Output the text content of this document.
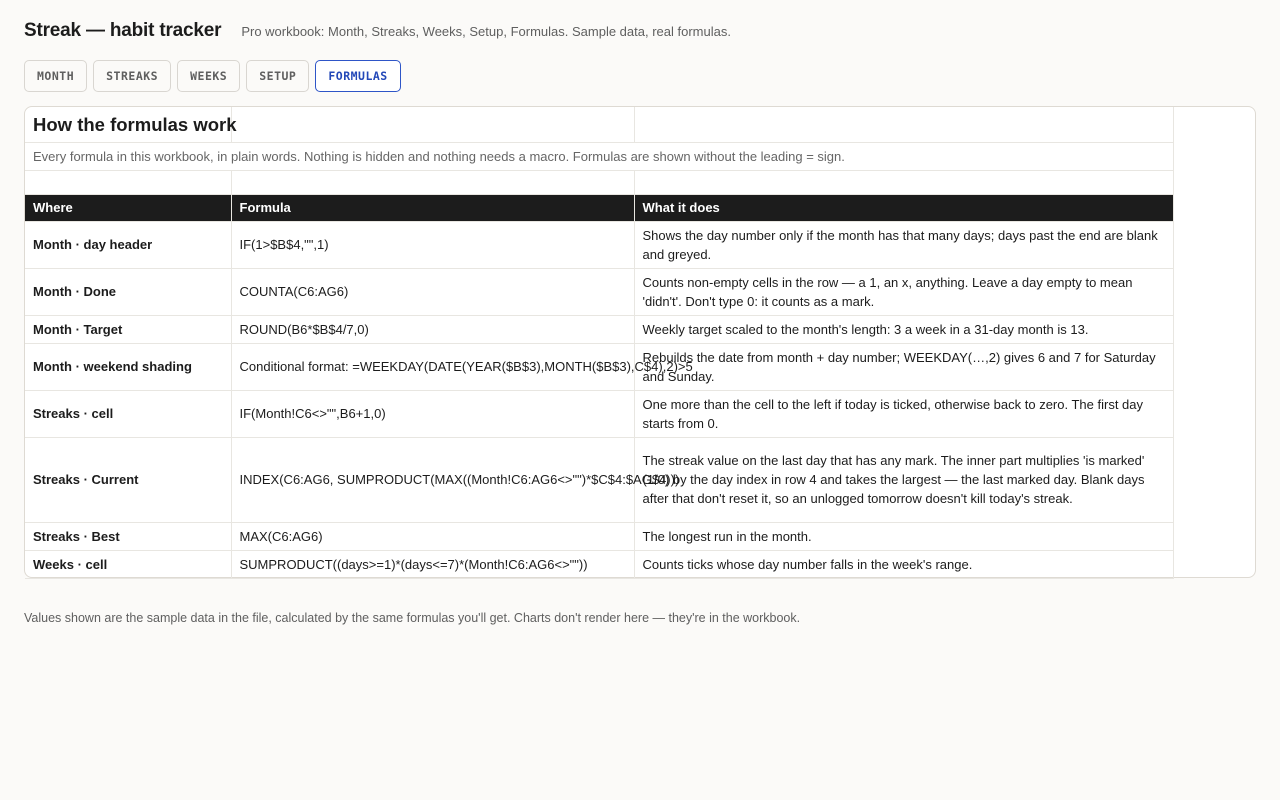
Streak — habit tracker Pro workbook: Month, Streaks, Weeks, Setup, Formulas. Sample data, real formulas.
MONTH	STREAKS	WEEKS	SETUP	FORMULAS
How the formulas work		
Every formula in this workbook, in plain words. Nothing is hidden and nothing needs a macro. Formulas are shown without the leading = sign.		

Where	Formula	What it does
Month · day header	IF(1>$B$4,"",1)	Shows the day number only if the month has that many days; days past the end are blank and greyed.
Month · Done	COUNTA(C6:AG6)	Counts non-empty cells in the row — a 1, an x, anything. Leave a day empty to mean 'didn't'. Don't type 0: it counts as a mark.
Month · Target	ROUND(B6*$B$4/7,0)	Weekly target scaled to the month's length: 3 a week in a 31-day month is 13.
Month · weekend shading	Conditional format: =WEEKDAY(DATE(YEAR($B$3),MONTH($B$3),C$4),2)>5	Rebuilds the date from month + day number; WEEKDAY(…,2) gives 6 and 7 for Saturday and Sunday.
Streaks · cell	IF(Month!C6<>"",B6+1,0)	One more than the cell to the left if today is ticked, otherwise back to zero. The first day starts from 0.
Streaks · Current	INDEX(C6:AG6, SUMPRODUCT(MAX((Month!C6:AG6<>"")*$C$4:$AG$4)))	The streak value on the last day that has any mark. The inner part multiplies 'is marked' (1/0) by the day index in row 4 and takes the largest — the last marked day. Blank days after that don't reset it, so an unlogged tomorrow doesn't kill today's streak.
Streaks · Best	MAX(C6:AG6)	The longest run in the month.
Weeks · cell	SUMPRODUCT((days>=1)*(days<=7)*(Month!C6:AG6<>""))	Counts ticks whose day number falls in the week's range.

Values shown are the sample data in the file, calculated by the same formulas you'll get. Charts don't render here — they're in the workbook.
